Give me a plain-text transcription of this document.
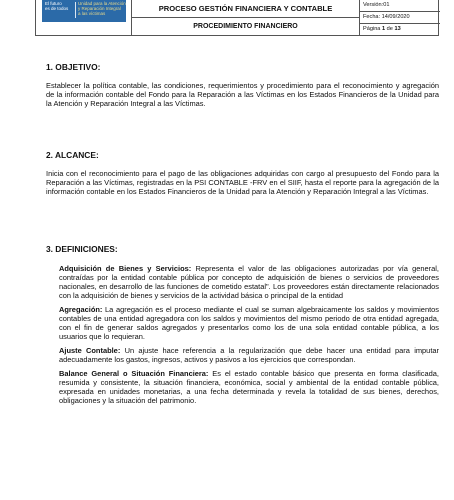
El futuro
es de todos
Unidad para la Atención
y Reparación Integral
a las víctimas
PROCESO GESTIÓN FINANCIERA Y CONTABLE
PROCEDIMIENTO FINANCIERO
Versión:01
Fecha: 14/09/2020
Página 1 de 13
1. OBJETIVO:
Establecer la política contable, las condiciones, requerimientos y procedimiento para el reconocimiento y agregación de la información contable del Fondo para la Reparación a las Víctimas en los Estados Financieros de la Unidad para la Atención y Reparación Integral a las Víctimas.
2. ALCANCE:
Inicia con el reconocimiento para el pago de las obligaciones adquiridas con cargo al presupuesto del Fondo para la Reparación a las Víctimas, registradas en la PSI CONTABLE -FRV en el SIIF, hasta el reporte para la agregación de la información contable en los Estados Financieros de la Unidad para la Atención y Reparación Integral a las Víctimas.
3. DEFINICIONES:

Adquisición de Bienes y Servicios: Representa el valor de las obligaciones autorizadas por vía general, contraídas por la entidad contable pública por concepto de adquisición de bienes o servicios de proveedores nacionales, en desarrollo de las funciones de cometido estatal". Los proveedores están directamente relacionados con la adquisición de bienes y servicios de la actividad básica o principal de la entidad

Agregación: La agregación es el proceso mediante el cual se suman algebraicamente los saldos y movimientos contables de una entidad agregadora con los saldos y movimientos del mismo periodo de otra entidad agregada, con el fin de generar saldos agregados y presentarlos como los de una sola entidad contable pública, a los usuarios que lo requieran.

Ajuste Contable: Un ajuste hace referencia a la regularización que debe hacer una entidad para imputar adecuadamente los gastos, ingresos, activos y pasivos a los ejercicios que correspondan.

Balance General o Situación Financiera: Es el estado contable básico que presenta en forma clasificada, resumida y consistente, la situación financiera, económica, social y ambiental de la entidad contable pública, expresada en unidades monetarias, a una fecha determinada y revela la totalidad de sus bienes, derechos, obligaciones y la situación del patrimonio.
